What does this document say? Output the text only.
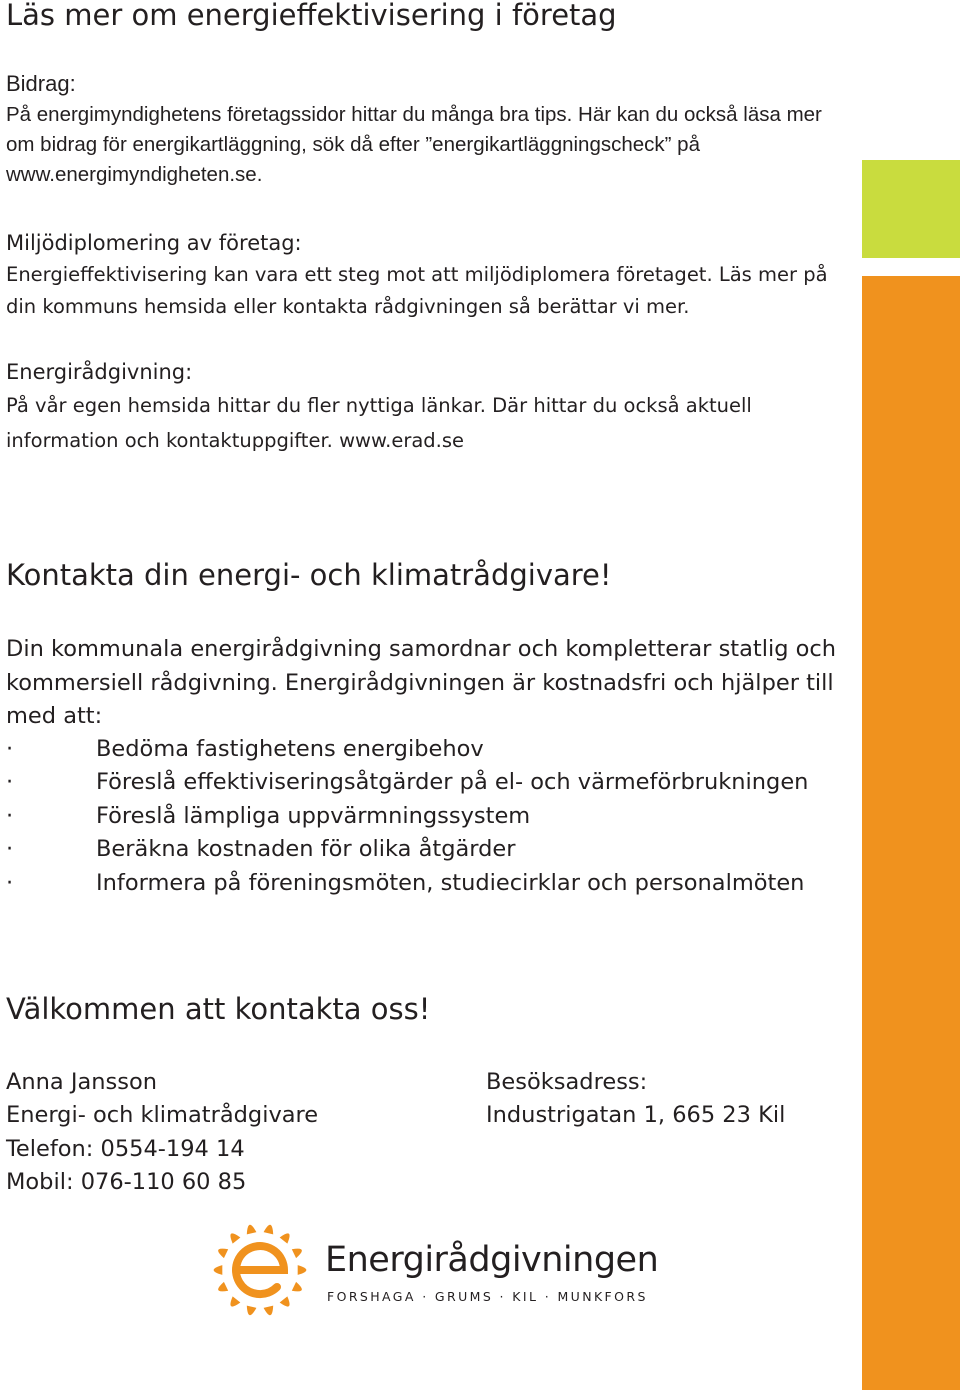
Läs mer om energieffektivisering i företag
Bidrag:
På energimyndighetens företagssidor hittar du många bra tips. Här kan du också läsa mer om bidrag för energikartläggning, sök då efter ”energikartläggningscheck” på www.energimyndigheten.se.
Miljödiplomering av företag:
Energieffektivisering kan vara ett steg mot att miljödiplomera företaget. Läs mer på din kommuns hemsida eller kontakta rådgivningen så berättar vi mer.
Energirådgivning:
På vår egen hemsida hittar du fler nyttiga länkar. Där hittar du också aktuell information och kontaktuppgifter. www.erad.se
Kontakta din energi- och klimatrådgivare!
Din kommunala energirådgivning samordnar och kompletterar statlig och kommersiell rådgivning. Energirådgivningen är kostnadsfri och hjälper till med att:
·	Bedöma fastighetens energibehov
·	Föreslå effektiviseringsåtgärder på el- och värmeförbrukningen
·	Föreslå lämpliga uppvärmningssystem
·	Beräkna kostnaden för olika åtgärder
·	Informera på föreningsmöten, studiecirklar och personalmöten
Välkommen att kontakta oss!
Anna Jansson
Energi- och klimatrådgivare
Telefon: 0554-194 14
Mobil: 076-110 60 85
Besöksadress:
Industrigatan 1, 665 23 Kil
Energirådgivningen
FORSHAGA · GRUMS · KIL · MUNKFORS
